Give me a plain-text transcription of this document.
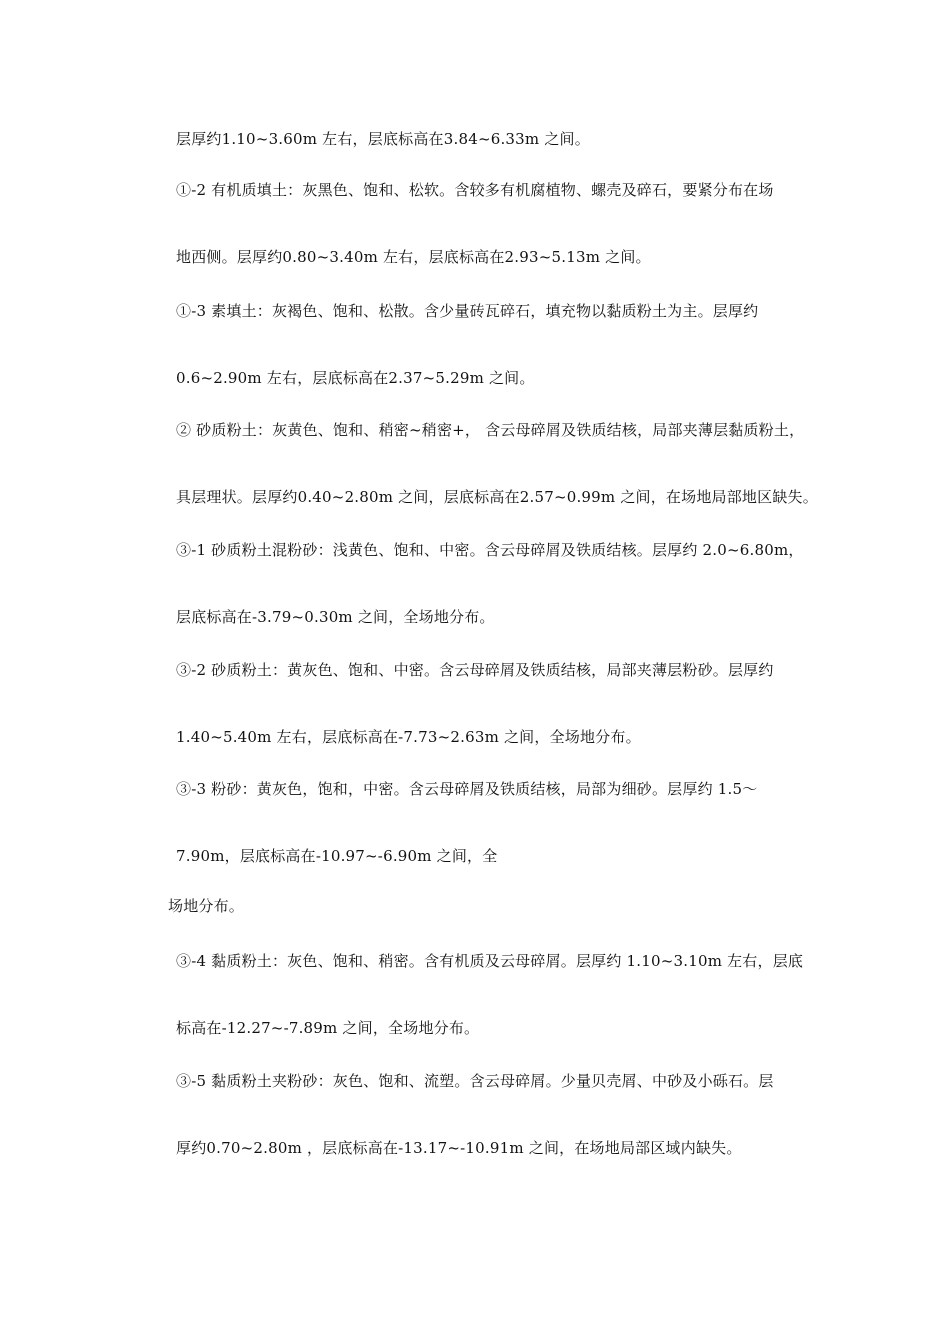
层厚约1.10~3.60m 左右，层底标高在3.84~6.33m 之间。
①-2 有机质填土：灰黑色、饱和、松软。含较多有机腐植物、螺壳及碎石，要紧分布在场
地西侧。层厚约0.80~3.40m 左右，层底标高在2.93~5.13m 之间。
①-3 素填土：灰褐色、饱和、松散。含少量砖瓦碎石，填充物以黏质粉土为主。层厚约
0.6~2.90m 左右，层底标高在2.37~5.29m 之间。
② 砂质粉土：灰黄色、饱和、稍密~稍密+， 含云母碎屑及铁质结核，局部夹薄层黏质粉土，
具层理状。层厚约0.40~2.80m 之间，层底标高在2.57~0.99m 之间，在场地局部地区缺失。
③-1 砂质粉土混粉砂：浅黄色、饱和、中密。含云母碎屑及铁质结核。层厚约 2.0~6.80m，
层底标高在-3.79~0.30m 之间，全场地分布。
③-2 砂质粉土：黄灰色、饱和、中密。含云母碎屑及铁质结核，局部夹薄层粉砂。层厚约
1.40~5.40m 左右，层底标高在-7.73~2.63m 之间，全场地分布。
③-3 粉砂：黄灰色，饱和，中密。含云母碎屑及铁质结核，局部为细砂。层厚约 1.5～
7.90m，层底标高在-10.97~-6.90m 之间，全
场地分布。
③-4 黏质粉土：灰色、饱和、稍密。含有机质及云母碎屑。层厚约 1.10~3.10m 左右，层底
标高在-12.27~-7.89m 之间，全场地分布。
③-5 黏质粉土夹粉砂：灰色、饱和、流塑。含云母碎屑。少量贝壳屑、中砂及小砾石。层
厚约0.70~2.80m ，层底标高在-13.17~-10.91m 之间，在场地局部区域内缺失。
